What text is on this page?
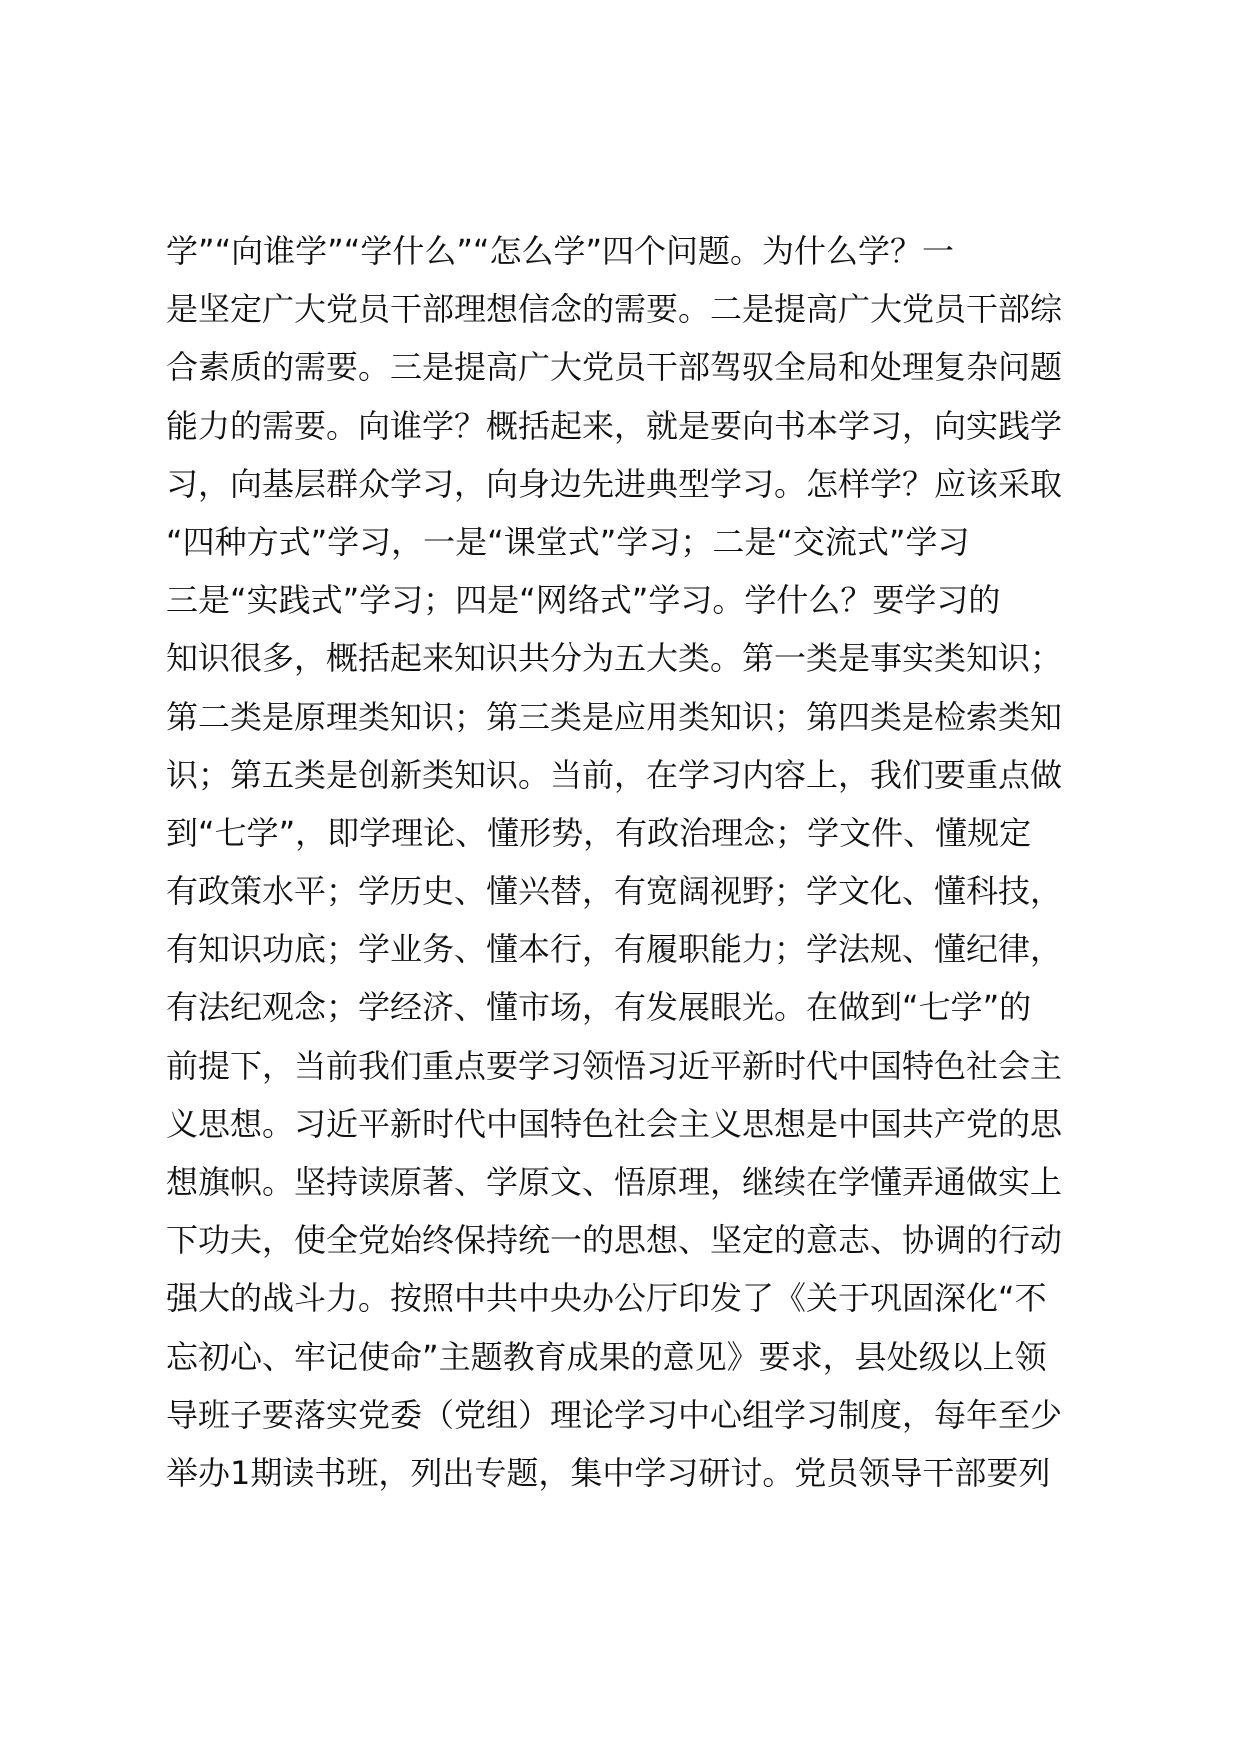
学”“向谁学”“学什么”“怎么学”四个问题。为什么学？一
是坚定广大党员干部理想信念的需要。二是提高广大党员干部综
合素质的需要。三是提高广大党员干部驾驭全局和处理复杂问题
能力的需要。向谁学？概括起来，就是要向书本学习，向实践学
习，向基层群众学习，向身边先进典型学习。怎样学？应该采取
“四种方式”学习，一是“课堂式”学习；二是“交流式”学习
三是“实践式”学习；四是“网络式”学习。学什么？要学习的
知识很多，概括起来知识共分为五大类。第一类是事实类知识；
第二类是原理类知识；第三类是应用类知识；第四类是检索类知
识；第五类是创新类知识。当前，在学习内容上，我们要重点做
到“七学”，即学理论、懂形势，有政治理念；学文件、懂规定
有政策水平；学历史、懂兴替，有宽阔视野；学文化、懂科技，
有知识功底；学业务、懂本行，有履职能力；学法规、懂纪律，
有法纪观念；学经济、懂市场，有发展眼光。在做到“七学”的
前提下，当前我们重点要学习领悟习近平新时代中国特色社会主
义思想。习近平新时代中国特色社会主义思想是中国共产党的思
想旗帜。坚持读原著、学原文、悟原理，继续在学懂弄通做实上
下功夫，使全党始终保持统一的思想、坚定的意志、协调的行动
强大的战斗力。按照中共中央办公厅印发了《关于巩固深化“不
忘初心、牢记使命”主题教育成果的意见》要求，县处级以上领
导班子要落实党委（党组）理论学习中心组学习制度，每年至少
举办1期读书班，列出专题，集中学习研讨。党员领导干部要列
